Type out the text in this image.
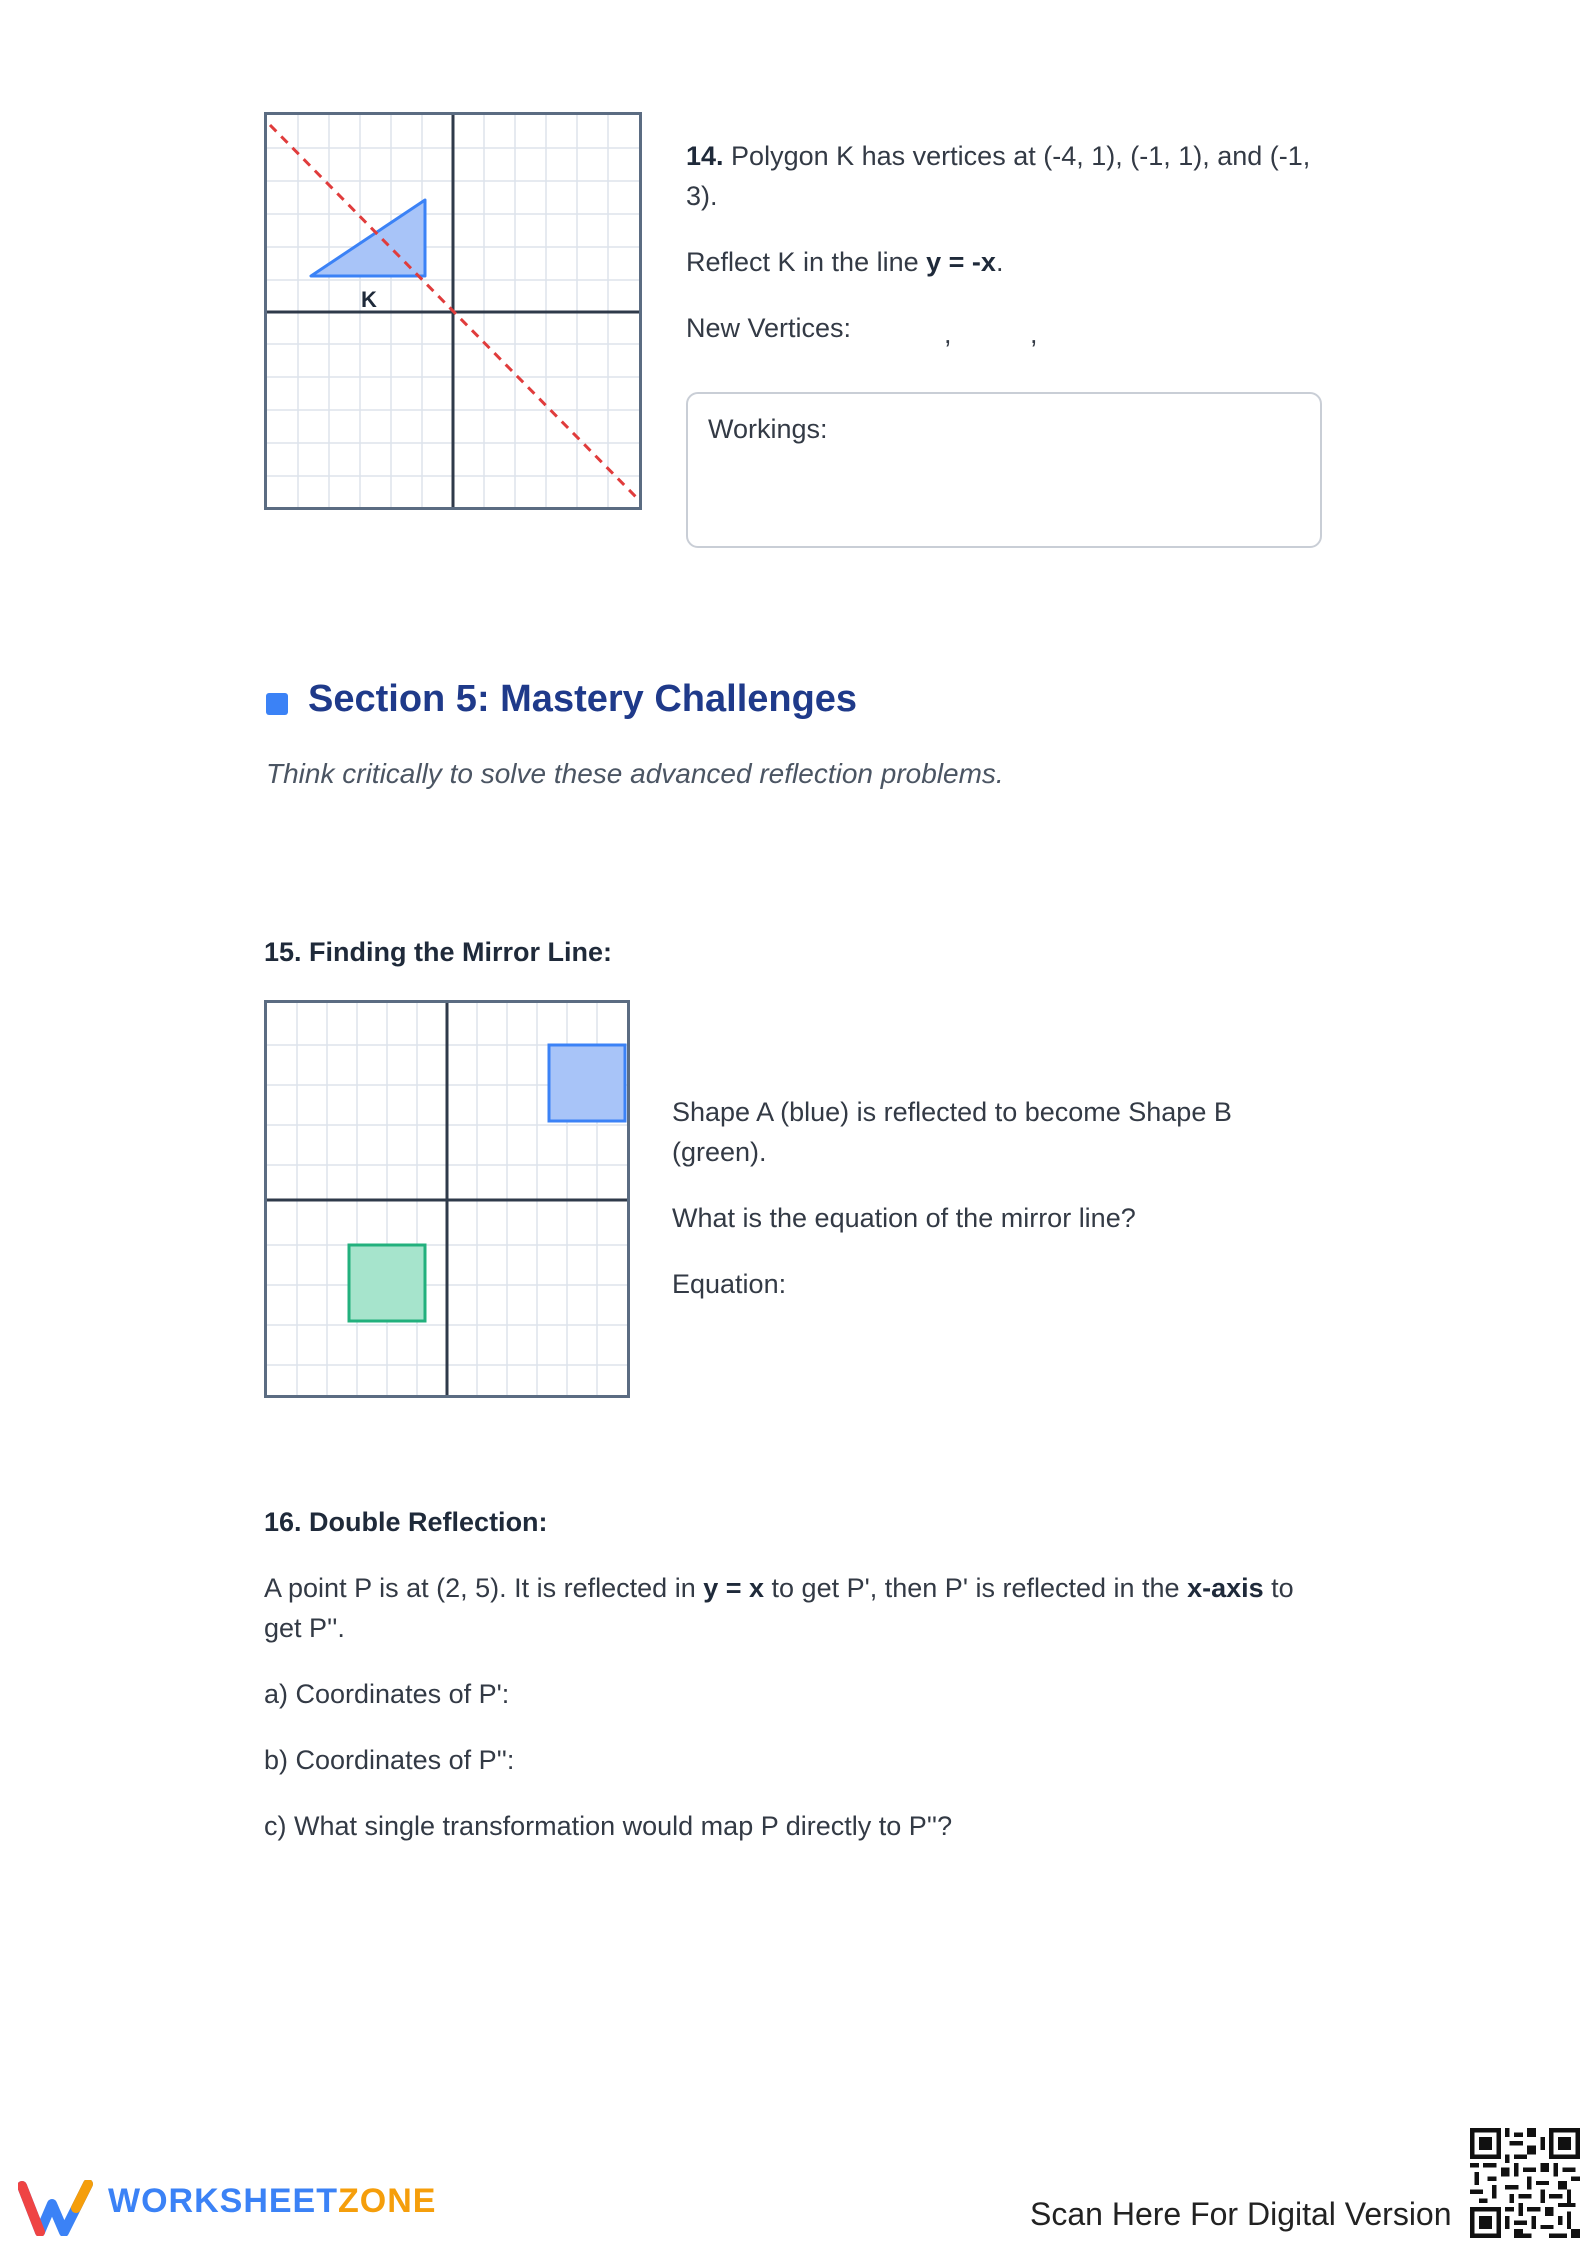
K
14. Polygon K has vertices at (-4, 1), (-1, 1), and (-1, 3).
Reflect K in the line y = -x.
New Vertices:	,	,
Workings:
Section 5: Mastery Challenges
Think critically to solve these advanced reflection problems.
15. Finding the Mirror Line:
Shape A (blue) is reflected to become Shape B (green).
What is the equation of the mirror line?
Equation:
16. Double Reflection:
A point P is at (2, 5). It is reflected in y = x to get P', then P' is reflected in the x-axis to get P''.
a) Coordinates of P':
b) Coordinates of P'':
c) What single transformation would map P directly to P''?
WORKSHEETZONE	Scan Here For Digital Version
